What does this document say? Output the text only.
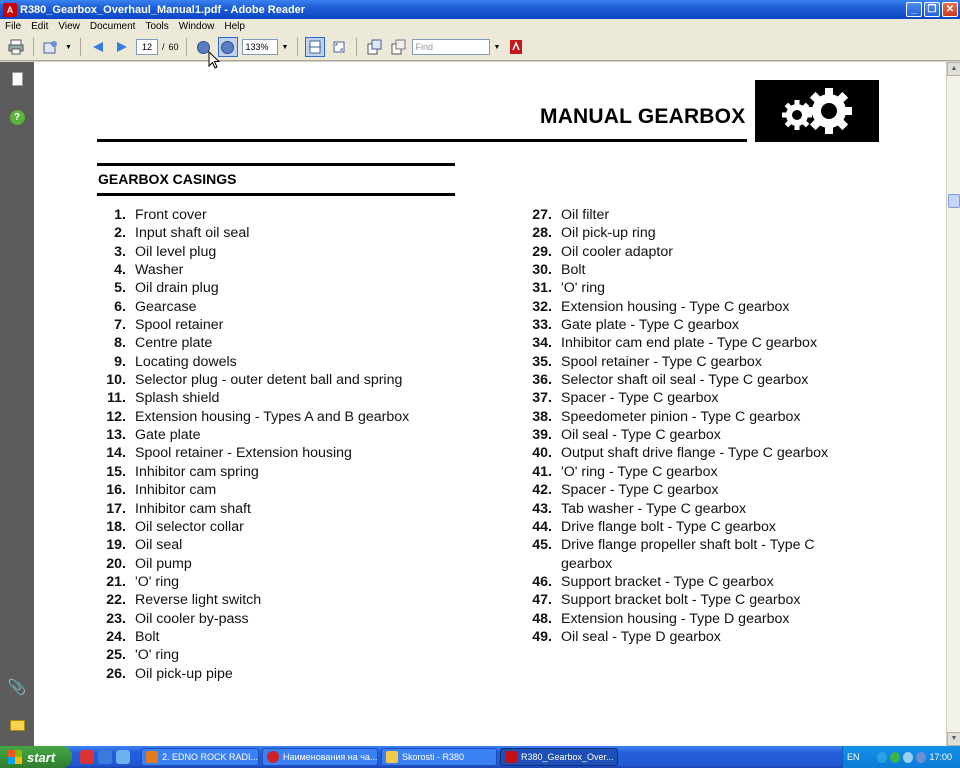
A R380_Gearbox_Overhaul_Manual1.pdf - Adobe Reader	_	❐ ✕
File	Edit	View	Document	Tools	Window	Help
▼	12	/ 60	133%	▼	Find	▼
?
📎
MANUAL GEARBOX
GEARBOX CASINGS
1. Front cover
2. Input shaft oil seal
3. Oil level plug
4. Washer
5. Oil drain plug
6. Gearcase
7. Spool retainer
8. Centre plate
9. Locating dowels
10. Selector plug - outer detent ball and spring
11. Splash shield
12. Extension housing - Types A and B gearbox
13. Gate plate
14. Spool retainer - Extension housing
15. Inhibitor cam spring
16. Inhibitor cam
17. Inhibitor cam shaft
18. Oil selector collar
19. Oil seal
20. Oil pump
21. 'O' ring
22. Reverse light switch
23. Oil cooler by-pass
24. Bolt
25. 'O' ring
26. Oil pick-up pipe
27. Oil filter
28. Oil pick-up ring
29. Oil cooler adaptor
30. Bolt
31. 'O' ring
32. Extension housing - Type C gearbox
33. Gate plate - Type C gearbox
34. Inhibitor cam end plate - Type C gearbox
35. Spool retainer - Type C gearbox
36. Selector shaft oil seal - Type C gearbox
37. Spacer - Type C gearbox
38. Speedometer pinion - Type C gearbox
39. Oil seal - Type C gearbox
40. Output shaft drive flange - Type C gearbox
41. 'O' ring - Type C gearbox
42. Spacer - Type C gearbox
43. Tab washer - Type C gearbox
44. Drive flange bolt - Type C gearbox
45. Drive flange propeller shaft bolt - Type C gearbox
46. Support bracket - Type C gearbox
47. Support bracket bolt - Type C gearbox
48. Extension housing - Type D gearbox
49. Oil seal - Type D gearbox
▲
▼
start	2. EDNO ROCK RADI...	Наименования на ча...	Skorosti - R380	R380_Gearbox_Over...	EN	17:00
